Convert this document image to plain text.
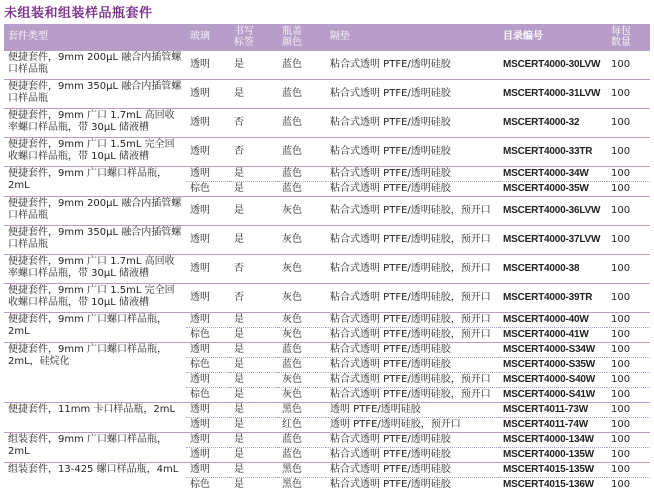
未组装和组装样品瓶套件
套件类型	玻璃	书写标签	瓶盖颜色	隔垫	目录编号	每包数量

便捷套件，9mm 200µL 融合内插管螺口样品瓶	透明	是	蓝色	粘合式透明 PTFE/透明硅胶	MSCERT4000-30LVW	100
便捷套件，9mm 350µL 融合内插管螺口样品瓶	透明	是	蓝色	粘合式透明 PTFE/透明硅胶	MSCERT4000-31LVW	100
便捷套件，9mm 广口 1.7mL 高回收率螺口样品瓶，带 30µL 储液槽	透明	否	蓝色	粘合式透明 PTFE/透明硅胶	MSCERT4000-32	100
便捷套件，9mm 广口 1.5mL 完全回收螺口样品瓶，带 10µL 储液槽	透明	否	蓝色	粘合式透明 PTFE/透明硅胶	MSCERT4000-33TR	100
便捷套件，9mm 广口螺口样品瓶，2mL	透明	是	蓝色	粘合式透明 PTFE/透明硅胶	MSCERT4000-34W	100
	棕色	是	蓝色	粘合式透明 PTFE/透明硅胶	MSCERT4000-35W	100
便捷套件，9mm 200µL 融合内插管螺口样品瓶	透明	是	灰色	粘合式透明 PTFE/透明硅胶，预开口	MSCERT4000-36LVW	100
便捷套件，9mm 350µL 融合内插管螺口样品瓶	透明	是	灰色	粘合式透明 PTFE/透明硅胶，预开口	MSCERT4000-37LVW	100
便捷套件，9mm 广口 1.7mL 高回收率螺口样品瓶，带 30µL 储液槽	透明	否	灰色	粘合式透明 PTFE/透明硅胶，预开口	MSCERT4000-38	100
便捷套件，9mm 广口 1.5mL 完全回收螺口样品瓶，带 10µL 储液槽	透明	否	灰色	粘合式透明 PTFE/透明硅胶，预开口	MSCERT4000-39TR	100
便捷套件，9mm 广口螺口样品瓶，2mL	透明	是	灰色	粘合式透明 PTFE/透明硅胶，预开口	MSCERT4000-40W	100
	棕色	是	灰色	粘合式透明 PTFE/透明硅胶，预开口	MSCERT4000-41W	100
便捷套件，9mm 广口螺口样品瓶，2mL，硅烷化	透明	是	蓝色	粘合式透明 PTFE/透明硅胶	MSCERT4000-S34W	100
	棕色	是	蓝色	粘合式透明 PTFE/透明硅胶	MSCERT4000-S35W	100
	透明	是	灰色	粘合式透明 PTFE/透明硅胶，预开口	MSCERT4000-S40W	100
	棕色	是	灰色	粘合式透明 PTFE/透明硅胶，预开口	MSCERT4000-S41W	100
便捷套件，11mm 卡口样品瓶，2mL	透明	是	黑色	透明 PTFE/透明硅胶	MSCERT4011-73W	100
	透明	是	红色	透明 PTFE/透明硅胶，预开口	MSCERT4011-74W	100
组装套件，9mm 广口螺口样品瓶，2mL	透明	是	蓝色	粘合式透明 PTFE/透明硅胶	MSCERT4000-134W	100
	透明	是	蓝色	粘合式透明 PTFE/透明硅胶	MSCERT4000-135W	100
组装套件，13-425 螺口样品瓶，4mL	透明	是	黑色	粘合式透明 PTFE/透明硅胶	MSCERT4015-135W	100
	棕色	是	黑色	粘合式透明 PTFE/透明硅胶	MSCERT4015-136W	100
